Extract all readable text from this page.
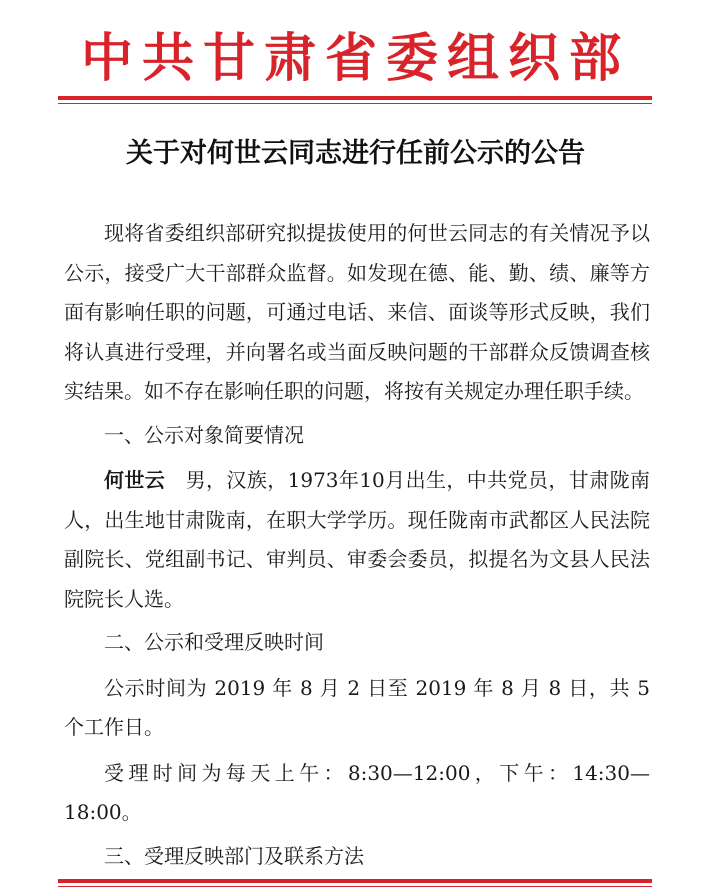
中共甘肃省委组织部
关于对何世云同志进行任前公示的公告

现将省委组织部研究拟提拔使用的何世云同志的有关情况予以公示，接受广大干部群众监督。如发现在德、能、勤、绩、廉等方面有影响任职的问题，可通过电话、来信、面谈等形式反映，我们将认真进行受理，并向署名或当面反映问题的干部群众反馈调查核实结果。如不存在影响任职的问题，将按有关规定办理任职手续。

一、公示对象简要情况

何世云　 男，汉族，1973年10月出生，中共党员，甘肃陇南人，出生地甘肃陇南，在职大学学历。现任陇南市武都区人民法院副院长、党组副书记、审判员、审委会委员，拟提名为文县人民法院院长人选。

二、公示和受理反映时间

公示时间为 2019 年 8 月 2 日至 2019 年 8 月 8 日，共 5 个工作日。

受理时间为每天上午：8:30—12:00，下午：14:30—18:00。

三、受理反映部门及联系方法
